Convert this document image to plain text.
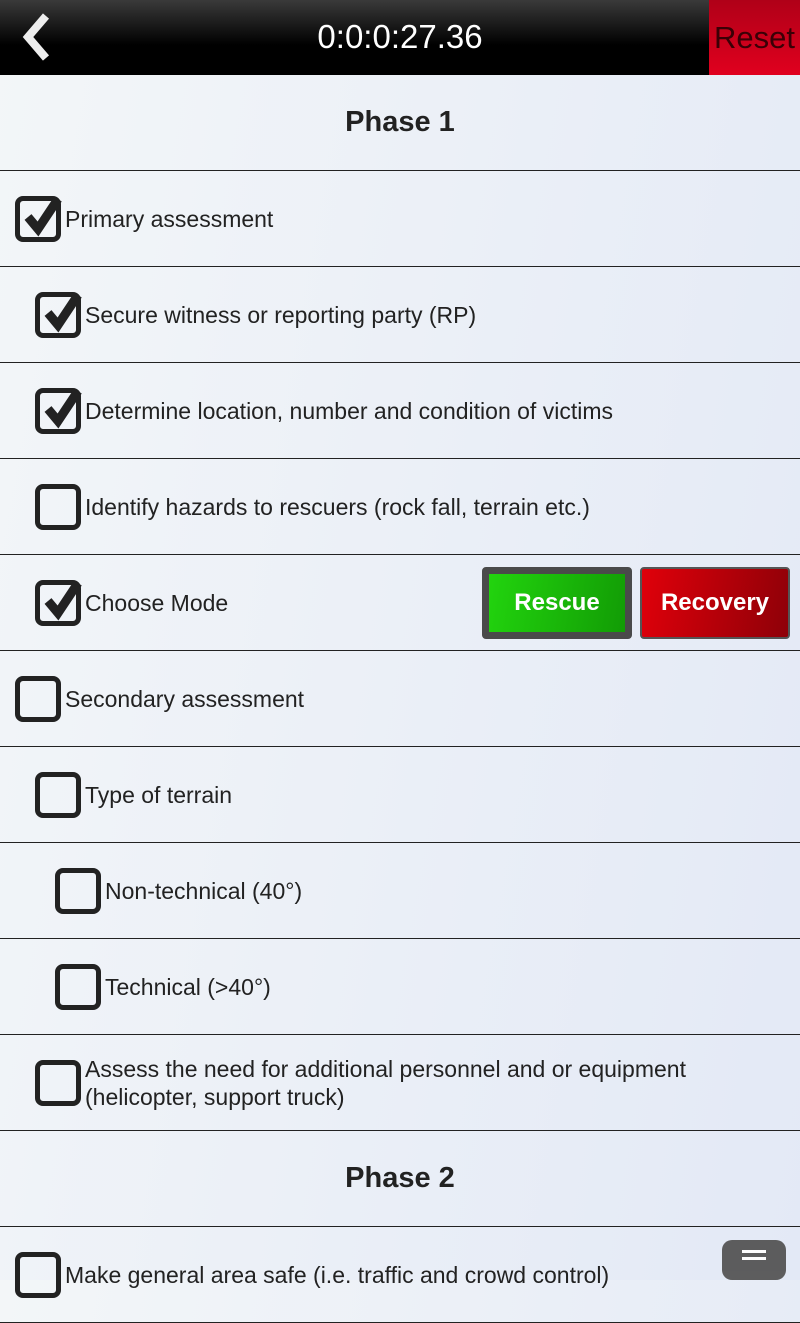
0:0:0:27.36	Reset
Phase 1
Primary assessment
Secure witness or reporting party (RP)
Determine location, number and condition of victims
Identify hazards to rescuers (rock fall, terrain etc.)
Choose Mode	Rescue	Recovery
Secondary assessment
Type of terrain
Non-technical (40°)
Technical (>40°)
Assess the need for additional personnel and or equipment (helicopter, support truck)
Phase 2
Make general area safe (i.e. traffic and crowd control)
